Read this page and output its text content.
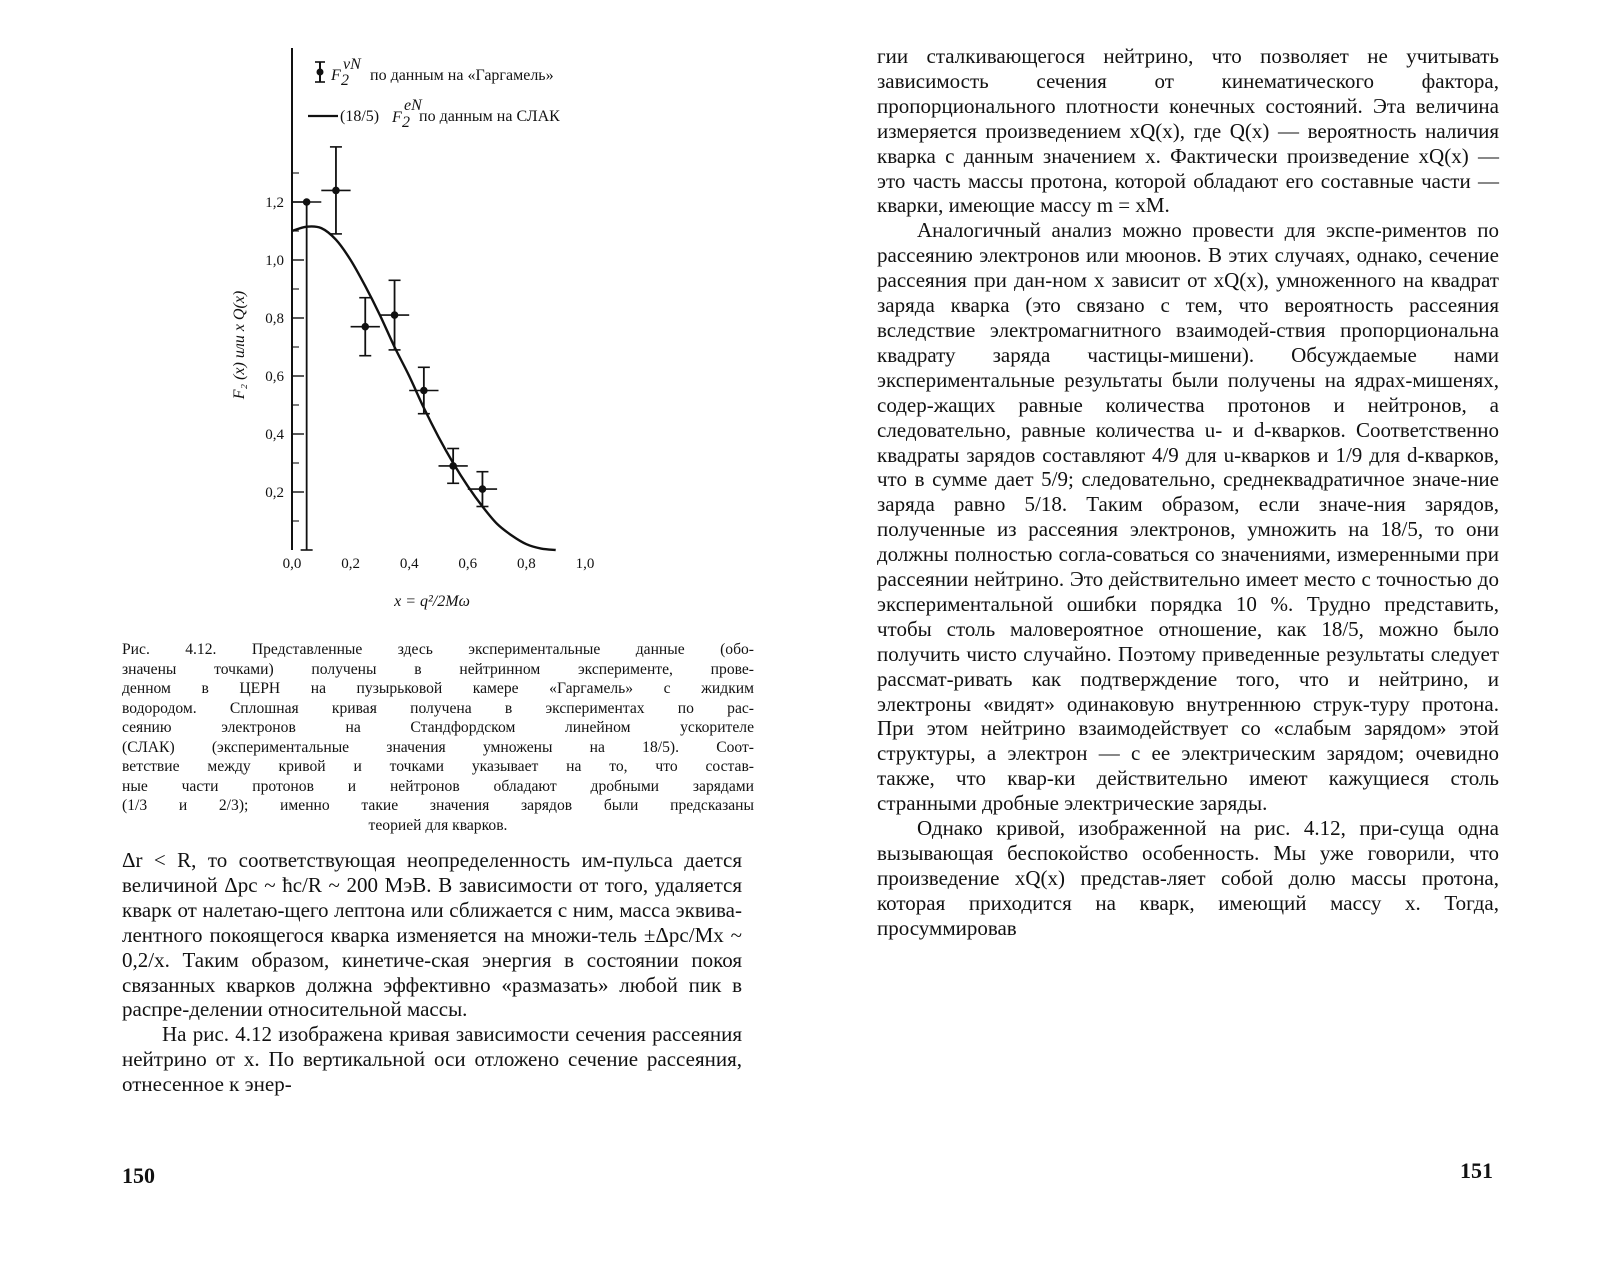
0,2
0,4
0,6
0,8
1,0
1,2
0,0	0,2	0,4	0,6	0,8	1,0
F
νN
2 по данным на «Гаргамель»
(18/5) F
eN
2 по данным на СЛАК
F₂ (x) или x Q(x)
x = q²/2Mω
Рис. 4.12. Представленные здесь экспериментальные данные (обо-
значены точками) получены в нейтринном эксперименте, прове-
денном в ЦЕРН на пузырьковой камере «Гаргамель» с жидким
водородом. Сплошная кривая получена в экспериментах по рас-
сеянию электронов на Стандфордском линейном ускорителе
(СЛАК) (экспериментальные значения умножены на 18/5). Соот-
ветствие между кривой и точками указывает на то, что состав-
ные части протонов и нейтронов обладают дробными зарядами
(1/3 и 2/3); именно такие значения зарядов были предсказаны
теорией для кварков.

Δr < R, то соответствующая неопределенность им-пульса дается величиной Δpc ~ ħc/R ~ 200 МэВ. В зависимости от того, удаляется кварк от налетаю-щего лептона или сближается с ним, масса эквива-лентного покоящегося кварка изменяется на множи-тель ±Δpc/Mx ~ 0,2/x. Таким образом, кинетиче-ская энергия в состоянии покоя связанных кварков должна эффективно «размазать» любой пик в распре-делении относительной массы.

На рис. 4.12 изображена кривая зависимости сечения рассеяния нейтрино от x. По вертикальной оси отложено сечение рассеяния, отнесенное к энер-

150

гии сталкивающегося нейтрино, что позволяет не учитывать зависимость сечения от кинематического фактора, пропорционального плотности конечных состояний. Эта величина измеряется произведением xQ(x), где Q(x) — вероятность наличия кварка с данным значением x. Фактически произведение xQ(x) — это часть массы протона, которой обладают его составные части — кварки, имеющие массу m = xM.

Аналогичный анализ можно провести для экспе-риментов по рассеянию электронов или мюонов. В этих случаях, однако, сечение рассеяния при дан-ном x зависит от xQ(x), умноженного на квадрат заряда кварка (это связано с тем, что вероятность рассеяния вследствие электромагнитного взаимодей-ствия пропорциональна квадрату заряда частицы-мишени). Обсуждаемые нами экспериментальные результаты были получены на ядрах-мишенях, содер-жащих равные количества протонов и нейтронов, а следовательно, равные количества u- и d-кварков. Соответственно квадраты зарядов составляют 4/9 для u-кварков и 1/9 для d-кварков, что в сумме дает 5/9; следовательно, среднеквадратичное значе-ние заряда равно 5/18. Таким образом, если значе-ния зарядов, полученные из рассеяния электронов, умножить на 18/5, то они должны полностью согла-соваться со значениями, измеренными при рассеянии нейтрино. Это действительно имеет место с точностью до экспериментальной ошибки порядка 10 %. Трудно представить, чтобы столь маловероятное отношение, как 18/5, можно было получить чисто случайно. Поэтому приведенные результаты следует рассмат-ривать как подтверждение того, что и нейтрино, и электроны «видят» одинаковую внутреннюю струк-туру протона. При этом нейтрино взаимодействует со «слабым зарядом» этой структуры, а электрон — с ее электрическим зарядом; очевидно также, что квар-ки действительно имеют кажущиеся столь странными дробные электрические заряды.

Однако кривой, изображенной на рис. 4.12, при-суща одна вызывающая беспокойство особенность. Мы уже говорили, что произведение xQ(x) представ-ляет собой долю массы протона, которая приходится на кварк, имеющий массу x. Тогда, просуммировав

151
